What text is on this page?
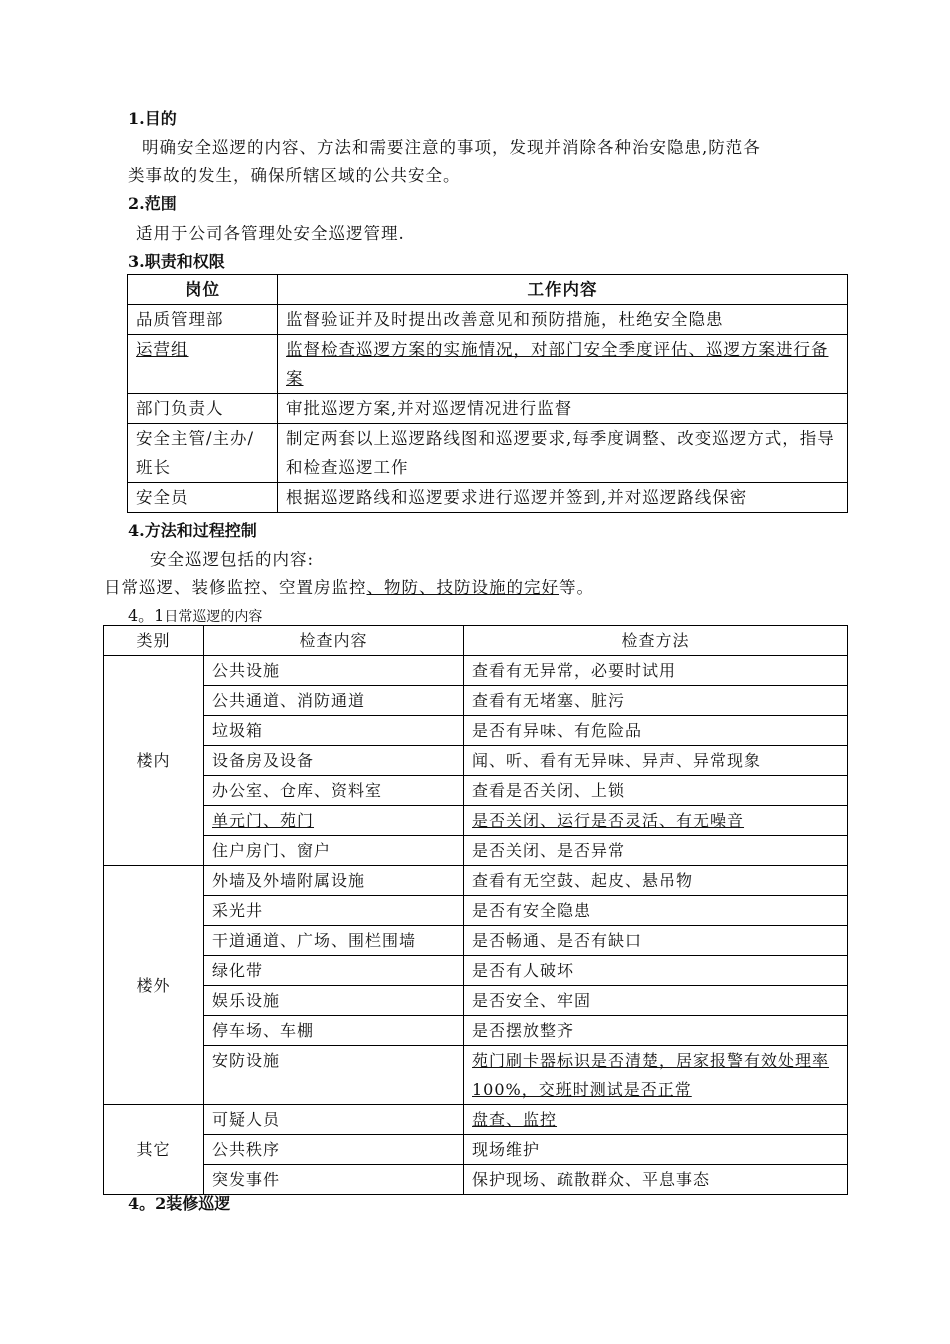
1.目的
明确安全巡逻的内容、方法和需要注意的事项，发现并消除各种治安隐患,防范各
类事故的发生，确保所辖区域的公共安全。
2.范围
适用于公司各管理处安全巡逻管理.
3.职责和权限
岗位	工作内容
品质管理部	监督验证并及时提出改善意见和预防措施，杜绝安全隐患
运营组	监督检查巡逻方案的实施情况，对部门安全季度评估、巡逻方案进行备案
部门负责人	审批巡逻方案,并对巡逻情况进行监督
安全主管/主办/班长	制定两套以上巡逻路线图和巡逻要求,每季度调整、改变巡逻方式，指导和检查巡逻工作
安全员	根据巡逻路线和巡逻要求进行巡逻并签到,并对巡逻路线保密
4.方法和过程控制
安全巡逻包括的内容:
日常巡逻、装修监控、空置房监控、物防、技防设施的完好等。
4。1日常巡逻的内容
类别	检查内容	检查方法
楼内	公共设施	查看有无异常，必要时试用
	公共通道、消防通道	查看有无堵塞、脏污
	垃圾箱	是否有异味、有危险品
	设备房及设备	闻、听、看有无异味、异声、异常现象
	办公室、仓库、资料室	查看是否关闭、上锁
	单元门、苑门	是否关闭、运行是否灵活、有无噪音
	住户房门、窗户	是否关闭、是否异常
楼外	外墙及外墙附属设施	查看有无空鼓、起皮、悬吊物
	采光井	是否有安全隐患
	干道通道、广场、围栏围墙	是否畅通、是否有缺口
	绿化带	是否有人破坏
	娱乐设施	是否安全、牢固
	停车场、车棚	是否摆放整齐
	安防设施	苑门刷卡器标识是否清楚，居家报警有效处理率100%，交班时测试是否正常
其它	可疑人员	盘查、监控
	公共秩序	现场维护
	突发事件	保护现场、疏散群众、平息事态
4。2装修巡逻
